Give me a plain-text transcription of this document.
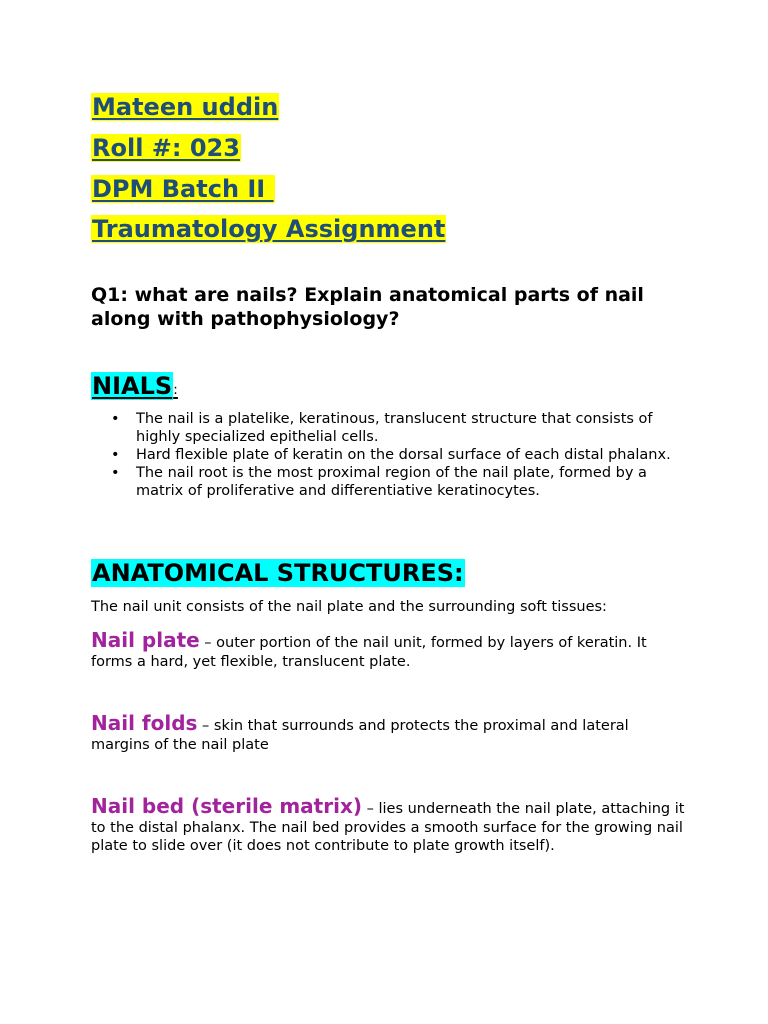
Mateen uddin
Roll #: 023
DPM Batch II
Traumatology Assignment

Q1: what are nails? Explain anatomical parts of nail along with pathophysiology?

NIALS:
• The nail is a platelike, keratinous, translucent structure that consists of highly specialized epithelial cells.
• Hard flexible plate of keratin on the dorsal surface of each distal phalanx.
• The nail root is the most proximal region of the nail plate, formed by a matrix of proliferative and differentiative keratinocytes.
ANATOMICAL STRUCTURES:

The nail unit consists of the nail plate and the surrounding soft tissues:

Nail plate – outer portion of the nail unit, formed by layers of keratin. It forms a hard, yet flexible, translucent plate.

Nail folds – skin that surrounds and protects the proximal and lateral margins of the nail plate

Nail bed (sterile matrix) – lies underneath the nail plate, attaching it to the distal phalanx. The nail bed provides a smooth surface for the growing nail plate to slide over (it does not contribute to plate growth itself).
